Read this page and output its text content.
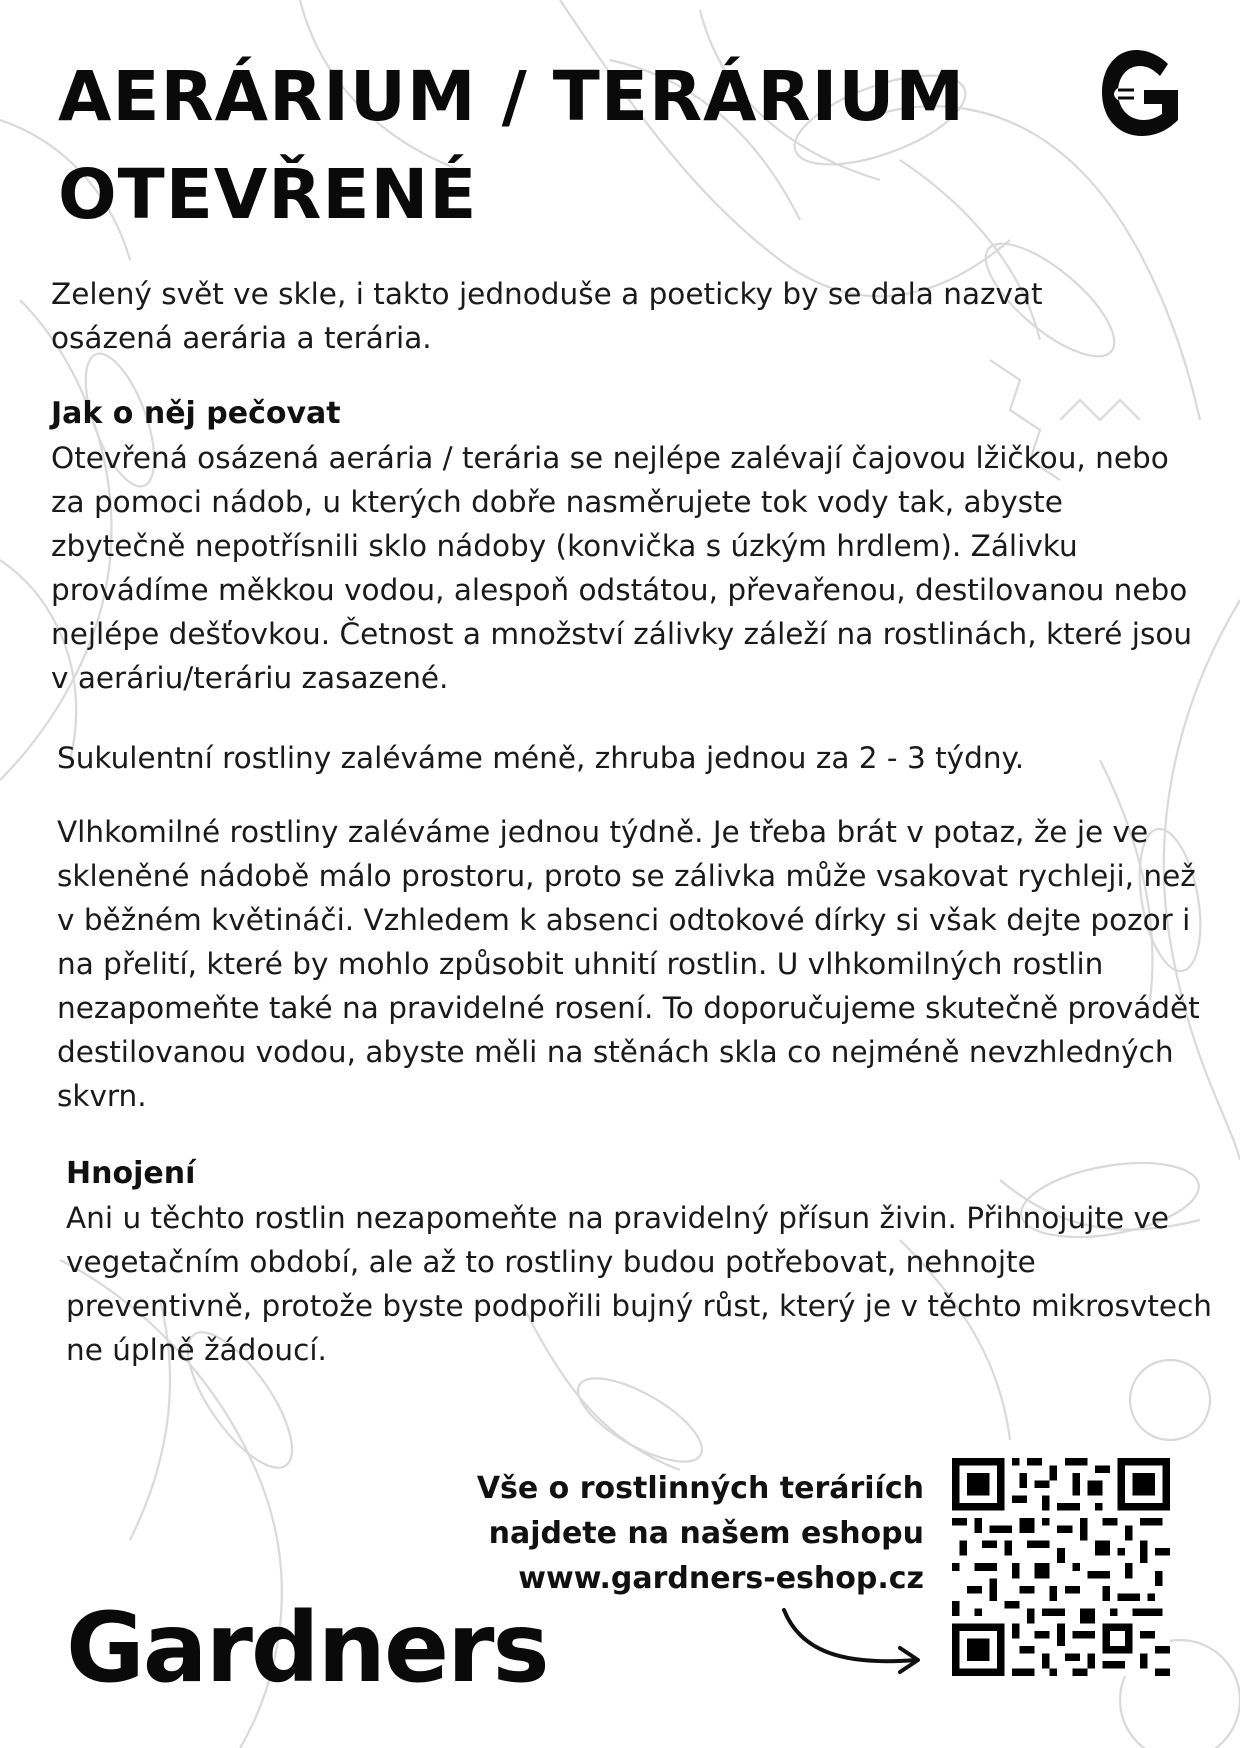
AERÁRIUM / TERÁRIUM
OTEVŘENÉ

Zelený svět ve skle, i takto jednoduše a poeticky by se dala nazvat osázená aerária a terária.

Jak o něj pečovat

Otevřená osázená aerária / terária se nejlépe zalévají čajovou lžičkou, nebo za pomoci nádob, u kterých dobře nasměrujete tok vody tak, abyste zbytečně nepotřísnili sklo nádoby (konvička s úzkým hrdlem). Zálivku provádíme měkkou vodou, alespoň odstátou, převařenou, destilovanou nebo nejlépe dešťovkou. Četnost a množství zálivky záleží na rostlinách, které jsou v aeráriu/teráriu zasazené.

Sukulentní rostliny zaléváme méně, zhruba jednou za 2 - 3 týdny.

Vlhkomilné rostliny zaléváme jednou týdně. Je třeba brát v potaz, že je ve skleněné nádobě málo prostoru, proto se zálivka může vsakovat rychleji, než v běžném květináči. Vzhledem k absenci odtokové dírky si však dejte pozor i na přelití, které by mohlo způsobit uhnití rostlin. U vlhkomilných rostlin nezapomeňte také na pravidelné rosení. To doporučujeme skutečně provádět destilovanou vodou, abyste měli na stěnách skla co nejméně nevzhledných skvrn.

Hnojení

Ani u těchto rostlin nezapomeňte na pravidelný přísun živin. Přihnojujte ve vegetačním období, ale až to rostliny budou potřebovat, nehnojte preventivně, protože byste podpořili bujný růst, který je v těchto mikrosvtech ne úplně žádoucí.

Vše o rostlinných teráriích
najdete na našem eshopu
www.gardners-eshop.cz

Gardners
